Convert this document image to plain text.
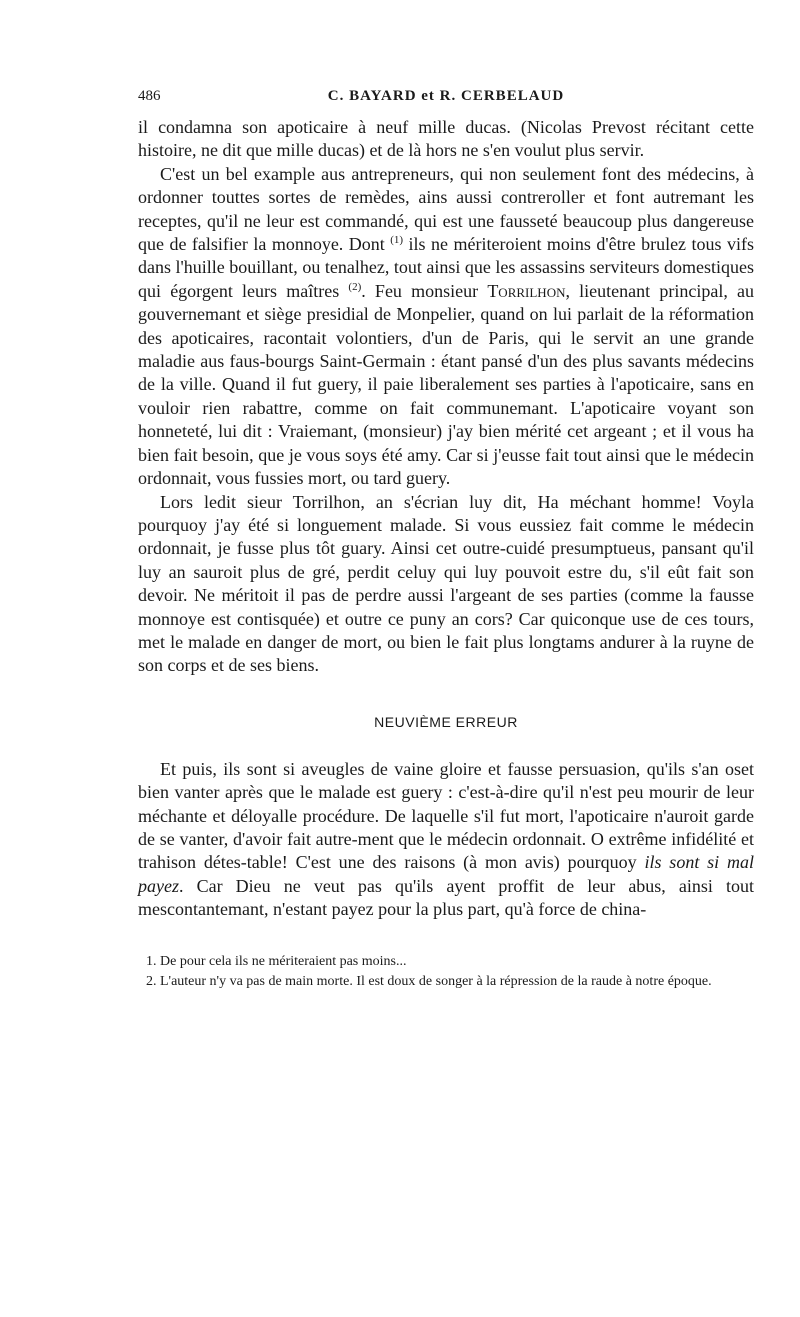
486	C. BAYARD et R. CERBELAUD

il condamna son apoticaire à neuf mille ducas. (Nicolas Prevost récitant cette histoire, ne dit que mille ducas) et de là hors ne s'en voulut plus servir.

C'est un bel example aus antrepreneurs, qui non seulement font des médecins, à ordonner touttes sortes de remèdes, ains aussi contreroller et font autremant les receptes, qu'il ne leur est commandé, qui est une fausseté beaucoup plus dangereuse que de falsifier la monnoye. Dont $^{(1)}$ ils ne mériteroient moins d'être brulez tous vifs dans l'huille bouillant, ou tenalhez, tout ainsi que les assassins serviteurs domestiques qui égorgent leurs maîtres $^{(2)}$. Feu monsieur Torrilhon, lieutenant principal, au gouvernemant et siège presidial de Monpelier, quand on lui parlait de la réformation des apoticaires, racontait volontiers, d'un de Paris, qui le servit an une grande maladie aus faus-bourgs Saint-Germain : étant pansé d'un des plus savants médecins de la ville. Quand il fut guery, il paie liberalement ses parties à l'apoticaire, sans en vouloir rien rabattre, comme on fait communemant. L'apoticaire voyant son honneteté, lui dit : Vraiemant, (monsieur) j'ay bien mérité cet argeant ; et il vous ha bien fait besoin, que je vous soys été amy. Car si j'eusse fait tout ainsi que le médecin ordonnait, vous fussies mort, ou tard guery.

Lors ledit sieur Torrilhon, an s'écrian luy dit, Ha méchant homme! Voyla pourquoy j'ay été si longuement malade. Si vous eussiez fait comme le médecin ordonnait, je fusse plus tôt guary. Ainsi cet outre-cuidé presumptueus, pansant qu'il luy an sauroit plus de gré, perdit celuy qui luy pouvoit estre du, s'il eût fait son devoir. Ne méritoit il pas de perdre aussi l'argeant de ses parties (comme la fausse monnoye est contisquée) et outre ce puny an cors? Car quiconque use de ces tours, met le malade en danger de mort, ou bien le fait plus longtams andurer à la ruyne de son corps et de ses biens.

NEUVIÈME ERREUR

Et puis, ils sont si aveugles de vaine gloire et fausse persuasion, qu'ils s'an oset bien vanter après que le malade est guery : c'est-à-dire qu'il n'est peu mourir de leur méchante et déloyalle procédure. De laquelle s'il fut mort, l'apoticaire n'auroit garde de se vanter, d'avoir fait autre-ment que le médecin ordonnait. O extrême infidélité et trahison détes-table! C'est une des raisons (à mon avis) pourquoy ils sont si mal payez. Car Dieu ne veut pas qu'ils ayent proffit de leur abus, ainsi tout mescontantemant, n'estant payez pour la plus part, qu'à force de china-

1. De pour cela ils ne mériteraient pas moins...
2. L'auteur n'y va pas de main morte. Il est doux de songer à la répression de la raude à notre époque.
